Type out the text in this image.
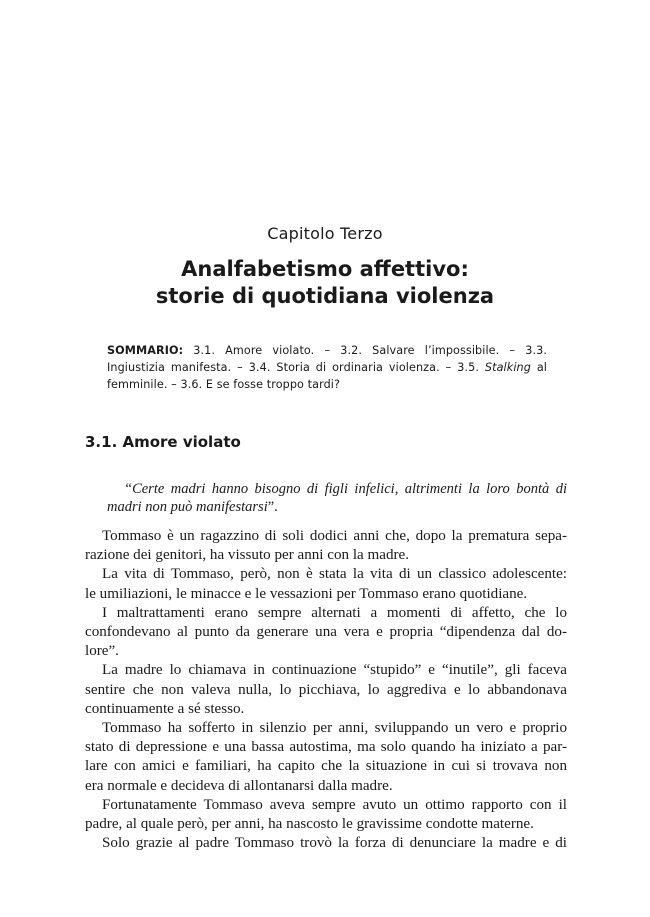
Capitolo Terzo
Analfabetismo affettivo:
storie di quotidiana violenza
SOMMARIO: 3.1. Amore violato. – 3.2. Salvare l’impossibile. – 3.3. Ingiustizia manifesta. – 3.4. Storia di ordinaria violenza. – 3.5. Stalking al femminile. – 3.6. E se fosse troppo tardi?
3.1. Amore violato
“Certe madri hanno bisogno di figli infelici, altrimenti la loro bontà di madri non può manifestarsi”.
Tommaso è un ragazzino di soli dodici anni che, dopo la prematura sepa-
razione dei genitori, ha vissuto per anni con la madre.
La vita di Tommaso, però, non è stata la vita di un classico adolescente:
le umiliazioni, le minacce e le vessazioni per Tommaso erano quotidiane.
I maltrattamenti erano sempre alternati a momenti di affetto, che lo
confondevano al punto da generare una vera e propria “dipendenza dal do-
lore”.
La madre lo chiamava in continuazione “stupido” e “inutile”, gli faceva
sentire che non valeva nulla, lo picchiava, lo aggrediva e lo abbandonava
continuamente a sé stesso.
Tommaso ha sofferto in silenzio per anni, sviluppando un vero e proprio
stato di depressione e una bassa autostima, ma solo quando ha iniziato a par-
lare con amici e familiari, ha capito che la situazione in cui si trovava non
era normale e decideva di allontanarsi dalla madre.
Fortunatamente Tommaso aveva sempre avuto un ottimo rapporto con il
padre, al quale però, per anni, ha nascosto le gravissime condotte materne.
Solo grazie al padre Tommaso trovò la forza di denunciare la madre e di
